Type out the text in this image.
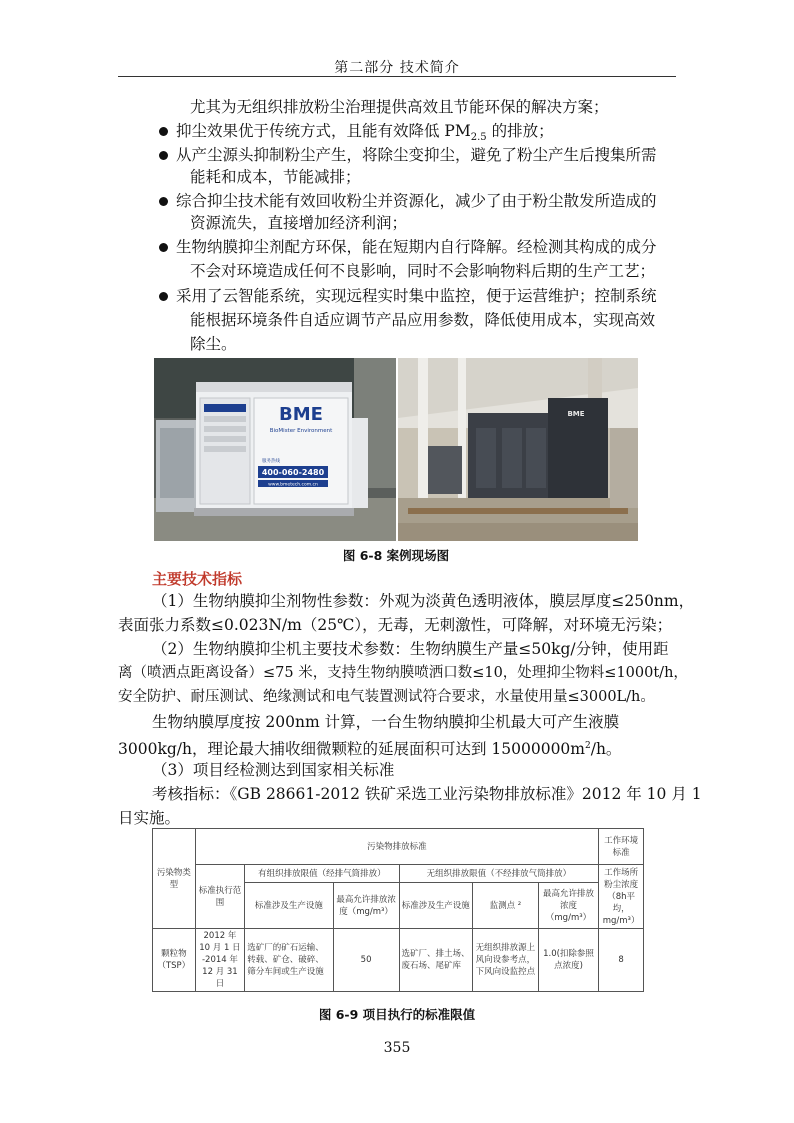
第二部分 技术简介
尤其为无组织排放粉尘治理提供高效且节能环保的解决方案；
抑尘效果优于传统方式，且能有效降低 $PM_{2.5}$ 的排放；
从产尘源头抑制粉尘产生，将除尘变抑尘，避免了粉尘产生后搜集所需
能耗和成本，节能减排；
综合抑尘技术能有效回收粉尘并资源化，减少了由于粉尘散发所造成的
资源流失，直接增加经济利润；
生物纳膜抑尘剂配方环保，能在短期内自行降解。经检测其构成的成分
不会对环境造成任何不良影响，同时不会影响物料后期的生产工艺；
采用了云智能系统，实现远程实时集中监控，便于运营维护；控制系统
能根据环境条件自适应调节产品应用参数，降低使用成本，实现高效
除尘。
BME
BioMister Environment
服务热线
400-060-2480
www.bmetech.com.cn
BME
图 6-8 案例现场图
主要技术指标
（1）生物纳膜抑尘剂物性参数：外观为淡黄色透明液体，膜层厚度≤250nm，
表面张力系数≤0.023N/m（25℃），无毒，无刺激性，可降解，对环境无污染；
（2）生物纳膜抑尘机主要技术参数：生物纳膜生产量≤50kg/分钟，使用距
离（喷洒点距离设备）≤75 米，支持生物纳膜喷洒口数≤10，处理抑尘物料≤1000t/h，
安全防护、耐压测试、绝缘测试和电气装置测试符合要求，水量使用量≤3000L/h。
生物纳膜厚度按 200nm 计算，一台生物纳膜抑尘机最大可产生液膜
3000kg/h，理论最大捕收细微颗粒的延展面积可达到 $15000000m^2/h$。
（3）项目经检测达到国家相关标准
考核指标：《GB 28661-2012 铁矿采选工业污染物排放标准》2012 年 10 月 1
日实施。
污染物类型	污染物排放标准						工作环境标准
	标准执行范围	有组织排放限值（经排气筒排放）		无组织排放限值（不经排放气筒排放）			工作场所粉尘浓度（8h平均，mg/m³）
		标准涉及生产设施	最高允许排放浓度（mg/m³）	标准涉及生产设施	监测点 ²	最高允许排放浓度（mg/m³）	
颗粒物（TSP）	2012 年 10 月 1 日 -2014 年 12 月 31 日	选矿厂的矿石运输、转载、矿仓、破碎、筛分车间或生产设施	50	选矿厂、排土场、废石场、尾矿库	无组织排放源上风向设参考点，下风向设监控点	1.0(扣除参照点浓度)	8
图 6-9 项目执行的标准限值
355
